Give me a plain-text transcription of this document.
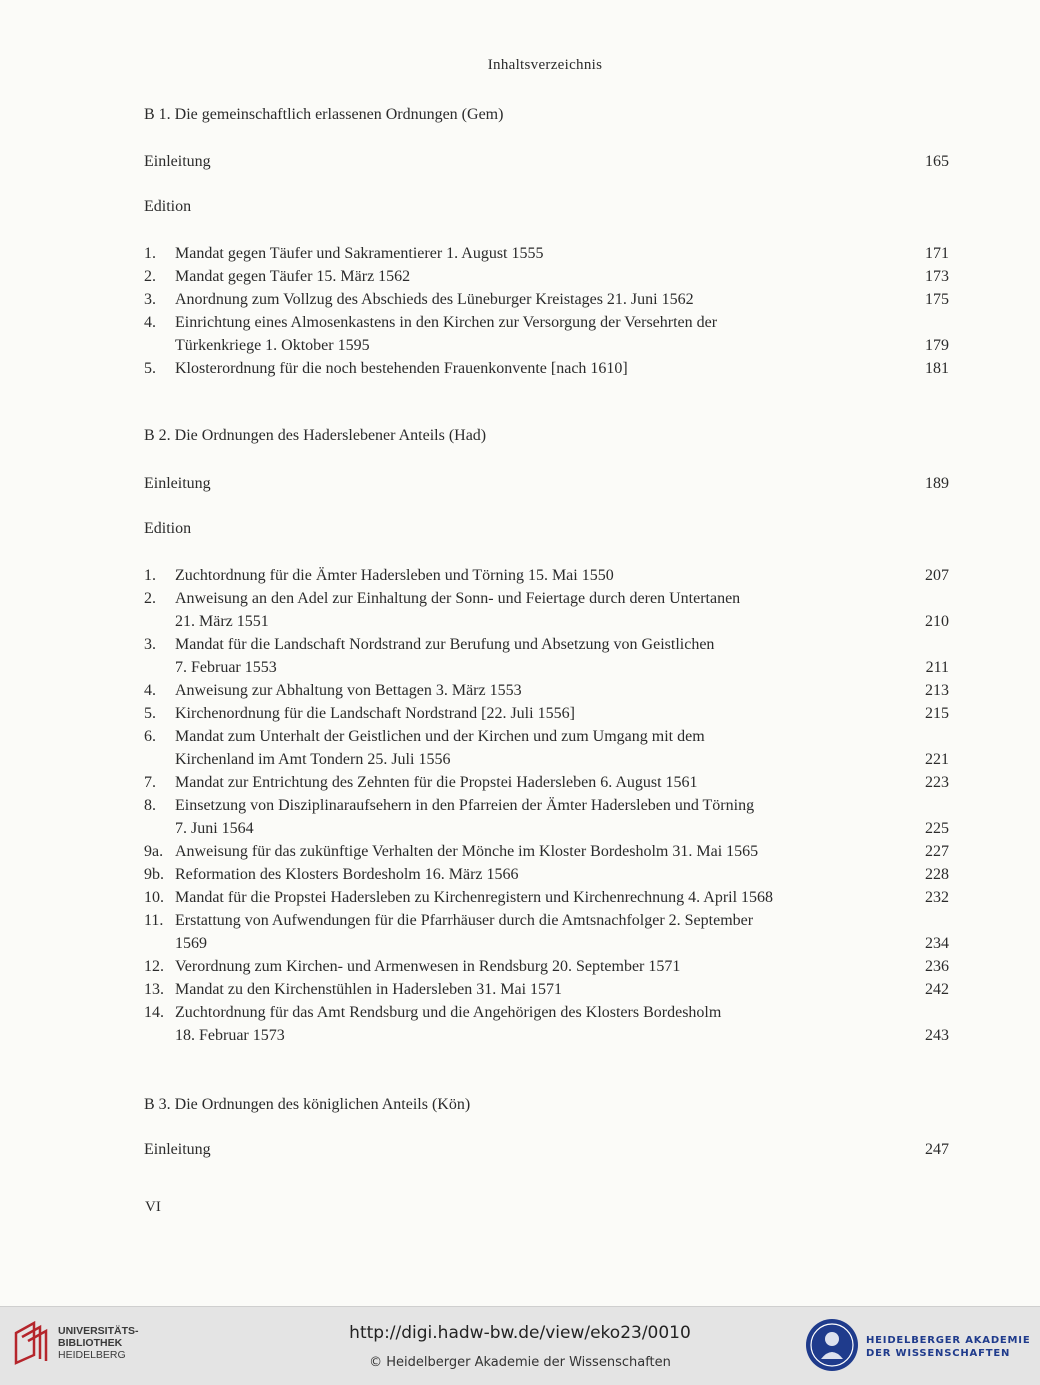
Inhaltsverzeichnis
B 1. Die gemeinschaftlich erlassenen Ordnungen (Gem)
Einleitung	165
Edition
1. Mandat gegen Täufer und Sakramentierer 1. August 1555	171
2. Mandat gegen Täufer 15. März 1562	173
3. Anordnung zum Vollzug des Abschieds des Lüneburger Kreistages 21. Juni 1562	175
4. Einrichtung eines Almosenkastens in den Kirchen zur Versorgung der Versehrten der
Türkenkriege 1. Oktober 1595	179
5. Klosterordnung für die noch bestehenden Frauenkonvente [nach 1610]	181
B 2. Die Ordnungen des Haderslebener Anteils (Had)
Einleitung	189
Edition
1. Zuchtordnung für die Ämter Hadersleben und Törning 15. Mai 1550	207
2. Anweisung an den Adel zur Einhaltung der Sonn- und Feiertage durch deren Untertanen
21. März 1551	210
3. Mandat für die Landschaft Nordstrand zur Berufung und Absetzung von Geistlichen
7. Februar 1553	211
4. Anweisung zur Abhaltung von Bettagen 3. März 1553	213
5. Kirchenordnung für die Landschaft Nordstrand [22. Juli 1556]	215
6. Mandat zum Unterhalt der Geistlichen und der Kirchen und zum Umgang mit dem
Kirchenland im Amt Tondern 25. Juli 1556	221
7. Mandat zur Entrichtung des Zehnten für die Propstei Hadersleben 6. August 1561	223
8. Einsetzung von Disziplinaraufsehern in den Pfarreien der Ämter Hadersleben und Törning
7. Juni 1564	225
9a. Anweisung für das zukünftige Verhalten der Mönche im Kloster Bordesholm 31. Mai 1565	227
9b. Reformation des Klosters Bordesholm 16. März 1566	228
10. Mandat für die Propstei Hadersleben zu Kirchenregistern und Kirchenrechnung 4. April 1568	232
11. Erstattung von Aufwendungen für die Pfarrhäuser durch die Amtsnachfolger 2. September
1569	234
12. Verordnung zum Kirchen- und Armenwesen in Rendsburg 20. September 1571	236
13. Mandat zu den Kirchenstühlen in Hadersleben 31. Mai 1571	242
14. Zuchtordnung für das Amt Rendsburg und die Angehörigen des Klosters Bordesholm
18. Februar 1573	243
B 3. Die Ordnungen des königlichen Anteils (Kön)
Einleitung	247
VI
UNIVERSITÄTS-
BIBLIOTHEK
HEIDELBERG
http://digi.hadw-bw.de/view/eko23/0010
© Heidelberger Akademie der Wissenschaften
HEIDELBERGER AKADEMIE
DER WISSENSCHAFTEN
